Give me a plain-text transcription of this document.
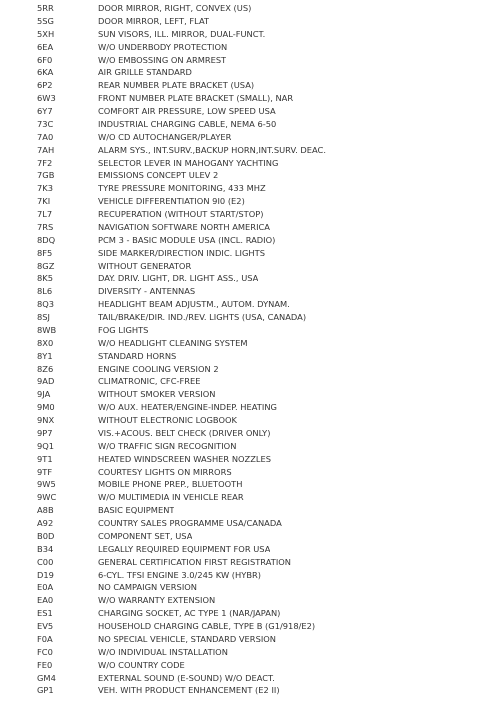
5RR	DOOR MIRROR, RIGHT, CONVEX (US)
5SG	DOOR MIRROR, LEFT, FLAT
5XH	SUN VISORS, ILL. MIRROR, DUAL-FUNCT.
6EA	W/O UNDERBODY PROTECTION
6F0	W/O EMBOSSING ON ARMREST
6KA	AIR GRILLE STANDARD
6P2	REAR NUMBER PLATE BRACKET (USA)
6W3	FRONT NUMBER PLATE BRACKET (SMALL), NAR
6Y7	COMFORT AIR PRESSURE, LOW SPEED USA
73C	INDUSTRIAL CHARGING CABLE, NEMA 6-50
7A0	W/O CD AUTOCHANGER/PLAYER
7AH	ALARM SYS., INT.SURV.,BACKUP HORN,INT.SURV. DEAC.
7F2	SELECTOR LEVER IN MAHOGANY YACHTING
7GB	EMISSIONS CONCEPT ULEV 2
7K3	TYRE PRESSURE MONITORING, 433 MHZ
7KI	VEHICLE DIFFERENTIATION 9I0 (E2)
7L7	RECUPERATION (WITHOUT START/STOP)
7RS	NAVIGATION SOFTWARE NORTH AMERICA
8DQ	PCM 3 - BASIC MODULE USA (INCL. RADIO)
8F5	SIDE MARKER/DIRECTION INDIC. LIGHTS
8GZ	WITHOUT GENERATOR
8K5	DAY. DRIV. LIGHT, DR. LIGHT ASS., USA
8L6	DIVERSITY - ANTENNAS
8Q3	HEADLIGHT BEAM ADJUSTM., AUTOM. DYNAM.
8SJ	TAIL/BRAKE/DIR. IND./REV. LIGHTS (USA, CANADA)
8WB	FOG LIGHTS
8X0	W/O HEADLIGHT CLEANING SYSTEM
8Y1	STANDARD HORNS
8Z6	ENGINE COOLING VERSION 2
9AD	CLIMATRONIC, CFC-FREE
9JA	WITHOUT SMOKER VERSION
9M0	W/O AUX. HEATER/ENGINE-INDEP. HEATING
9NX	WITHOUT ELECTRONIC LOGBOOK
9P7	VIS.+ACOUS. BELT CHECK (DRIVER ONLY)
9Q1	W/O TRAFFIC SIGN RECOGNITION
9T1	HEATED WINDSCREEN WASHER NOZZLES
9TF	COURTESY LIGHTS ON MIRRORS
9W5	MOBILE PHONE PREP., BLUETOOTH
9WC	W/O MULTIMEDIA IN VEHICLE REAR
A8B	BASIC EQUIPMENT
A92	COUNTRY SALES PROGRAMME USA/CANADA
B0D	COMPONENT SET, USA
B34	LEGALLY REQUIRED EQUIPMENT FOR USA
C00	GENERAL CERTIFICATION FIRST REGISTRATION
D19	6-CYL. TFSI ENGINE 3.0/245 KW (HYBR)
E0A	NO CAMPAIGN VERSION
EA0	W/O WARRANTY EXTENSION
ES1	CHARGING SOCKET, AC TYPE 1 (NAR/JAPAN)
EV5	HOUSEHOLD CHARGING CABLE, TYPE B (G1/918/E2)
F0A	NO SPECIAL VEHICLE, STANDARD VERSION
FC0	W/O INDIVIDUAL INSTALLATION
FE0	W/O COUNTRY CODE
GM4	EXTERNAL SOUND (E-SOUND) W/O DEACT.
GP1	VEH. WITH PRODUCT ENHANCEMENT (E2 II)
